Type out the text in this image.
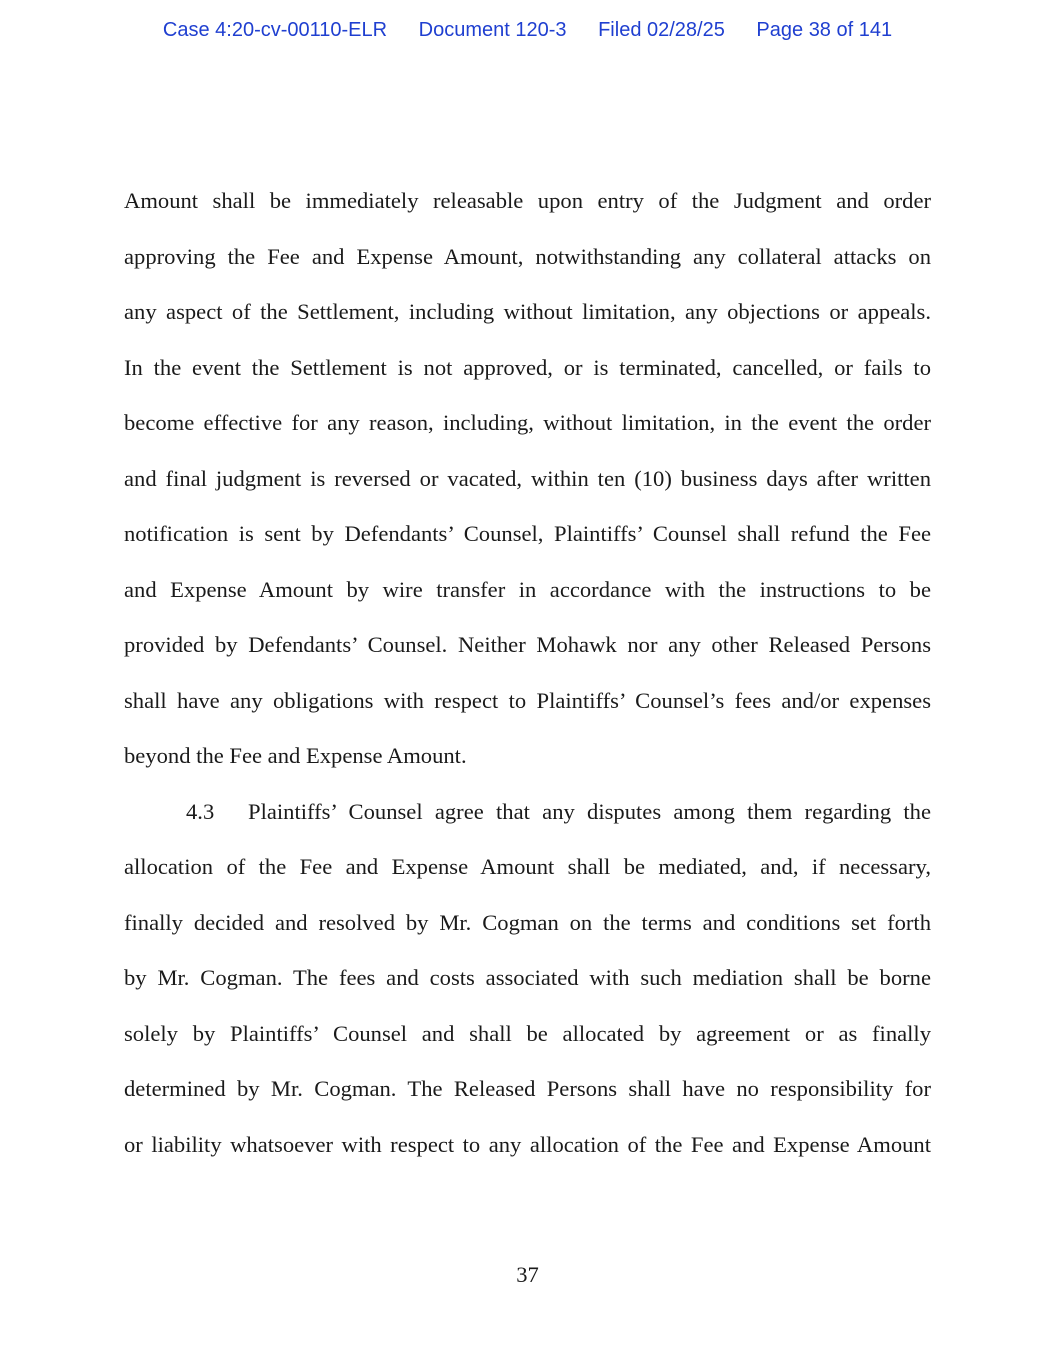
Case 4:20-cv-00110-ELR Document 120-3 Filed 02/28/25 Page 38 of 141

Amount shall be immediately releasable upon entry of the Judgment and order

approving the Fee and Expense Amount, notwithstanding any collateral attacks on

any aspect of the Settlement, including without limitation, any objections or appeals.

In the event the Settlement is not approved, or is terminated, cancelled, or fails to

become effective for any reason, including, without limitation, in the event the order

and final judgment is reversed or vacated, within ten (10) business days after written

notification is sent by Defendants’ Counsel, Plaintiffs’ Counsel shall refund the Fee

and Expense Amount by wire transfer in accordance with the instructions to be

provided by Defendants’ Counsel. Neither Mohawk nor any other Released Persons

shall have any obligations with respect to Plaintiffs’ Counsel’s fees and/or expenses

beyond the Fee and Expense Amount.

4.3 Plaintiffs’ Counsel agree that any disputes among them regarding the

allocation of the Fee and Expense Amount shall be mediated, and, if necessary,

finally decided and resolved by Mr. Cogman on the terms and conditions set forth

by Mr. Cogman. The fees and costs associated with such mediation shall be borne

solely by Plaintiffs’ Counsel and shall be allocated by agreement or as finally

determined by Mr. Cogman. The Released Persons shall have no responsibility for

or liability whatsoever with respect to any allocation of the Fee and Expense Amount

37
